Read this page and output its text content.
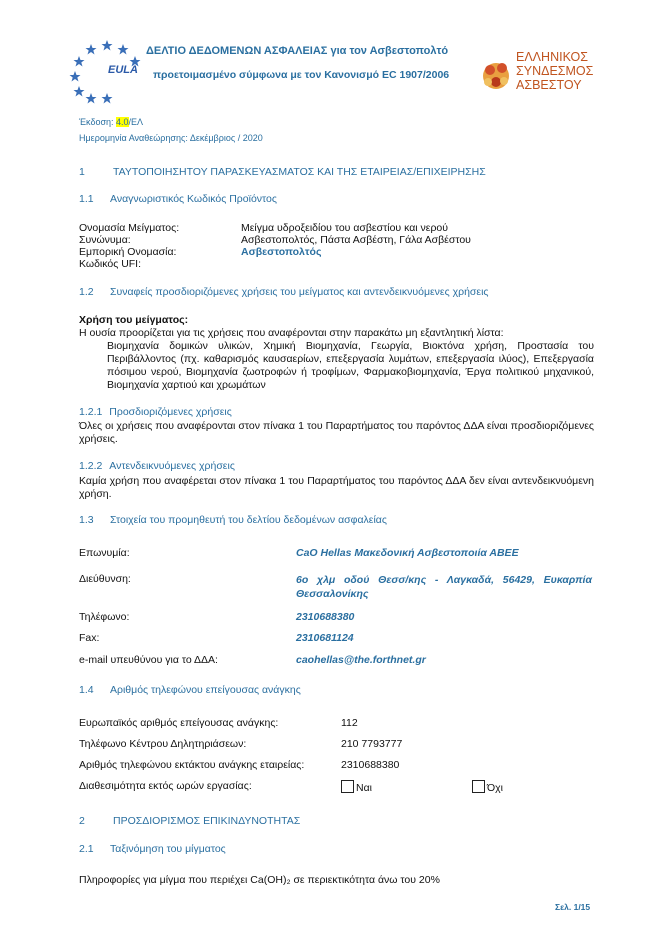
EULA
ΔΕΛΤΙΟ ΔΕΔΟΜΕΝΩΝ ΑΣΦΑΛΕΙΑΣ για τον Ασβεστοπολτό
προετοιμασμένο σύμφωνα με τον Κανονισμό ΕC 1907/2006
ΕΛΛΗΝΙΚΟΣ
ΣΥΝΔΕΣΜΟΣ
ΑΣΒΕΣΤΟΥ
Έκδοση: 4.0/ΕΛ
Ημερομηνία Αναθεώρησης: Δεκέμβριος / 2020
1	ΤΑΥΤΟΠΟΙΗΣΗΤΟΥ ΠΑΡΑΣΚΕΥΑΣΜΑΤΟΣ ΚΑΙ ΤΗΣ ΕΤΑΙΡΕΙΑΣ/ΕΠΙΧΕΙΡΗΣΗΣ
1.1 Αναγνωριστικός Κωδικός Προϊόντος
Ονομασία Μείγματος:	Μείγμα υδροξειδίου του ασβεστίου και νερού
Συνώνυμα:	Ασβεστοπολτός, Πάστα Ασβέστη, Γάλα Ασβέστου
Εμπορική Ονομασία:	Ασβεστοπολτός
Κωδικός UFI:
1.2 Συναφείς προσδιοριζόμενες χρήσεις του μείγματος και αντενδεικνυόμενες χρήσεις
Χρήση του μείγματος:
Η ουσία προορίζεται για τις χρήσεις που αναφέρονται στην παρακάτω μη εξαντλητική λίστα:
Βιομηχανία δομικών υλικών, Χημική Βιομηχανία, Γεωργία, Βιοκτόνα χρήση, Προστασία του Περιβάλλοντος (πχ. καθαρισμός καυσαερίων, επεξεργασία λυμάτων, επεξεργασία ιλύος), Επεξεργασία πόσιμου νερού, Βιομηχανία ζωοτροφών ή τροφίμων, Φαρμακοβιομηχανία, Έργα πολιτικού μηχανικού, Βιομηχανία χαρτιού και χρωμάτων
1.2.1 Προσδιοριζόμενες χρήσεις
Όλες οι χρήσεις που αναφέρονται στον πίνακα 1 του Παραρτήματος του παρόντος ΔΔΑ είναι προσδιοριζόμενες χρήσεις.
1.2.2 Αντενδεικνυόμενες χρήσεις
Καμία χρήση που αναφέρεται στον πίνακα 1 του Παραρτήματος του παρόντος ΔΔΑ δεν είναι αντενδεικνυόμενη χρήση.
1.3 Στοιχεία του προμηθευτή του δελτίου δεδομένων ασφαλείας
Επωνυμία:	CaO Hellas Μακεδονική Ασβεστοποιία ΑΒΕΕ
Διεύθυνση:	6ο χλμ οδού Θεσσ/κης - Λαγκαδά, 56429, Ευκαρπία
Θεσσαλονίκης
Τηλέφωνο:	2310688380
Fax:	2310681124
e-mail υπευθύνου για το ΔΔΑ:	caohellas@the.forthnet.gr
1.4 Αριθμός τηλεφώνου επείγουσας ανάγκης
Ευρωπαϊκός αριθμός επείγουσας ανάγκης:	112
Τηλέφωνο Κέντρου Δηλητηριάσεων:	210 7793777
Αριθμός τηλεφώνου εκτάκτου ανάγκης εταιρείας:	2310688380
Διαθεσιμότητα εκτός ωρών εργασίας:	Ναι	Όχι
2	ΠΡΟΣΔΙΟΡΙΣΜΟΣ ΕΠΙΚΙΝΔΥΝΟΤΗΤΑΣ
2.1 Ταξινόμηση του μίγματος
Πληροφορίες για μίγμα που περιέχει Ca(OH)₂ σε περιεκτικότητα άνω του 20%
Σελ. 1/15
